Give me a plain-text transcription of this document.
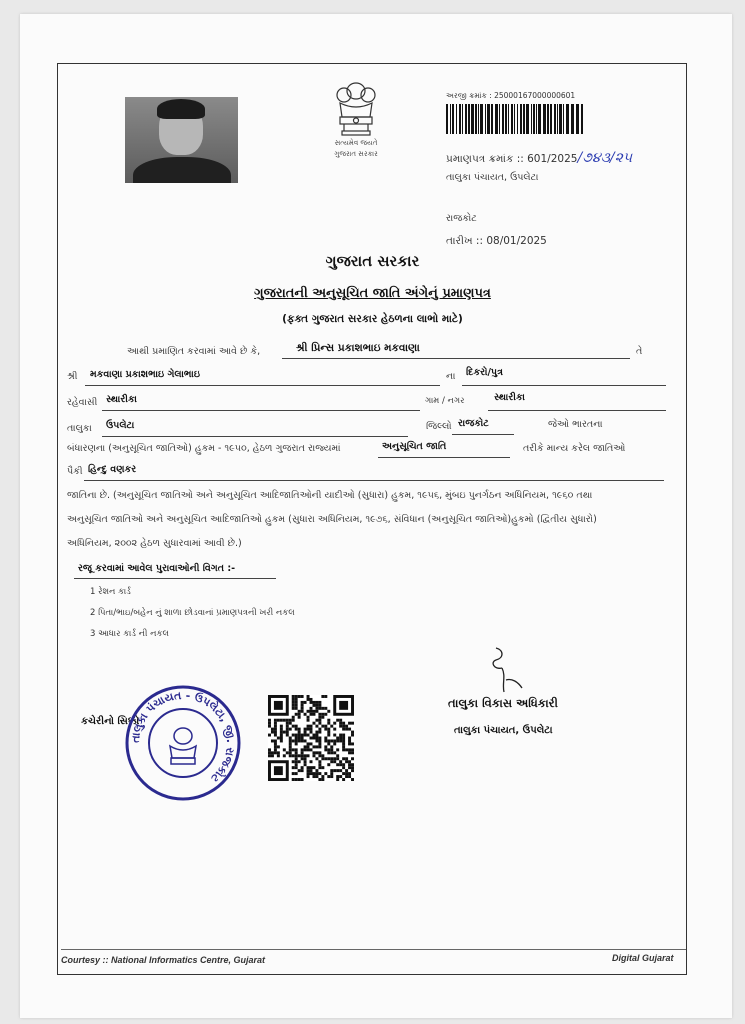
સત્યમેવ જયતે
ગુજરાત સરકાર
અરજી ક્રમાંક : 25000167000000601
પ્રમાણપત્ર ક્રમાંક :: 601/2025/૭૪૩/૨૫
તાલુકા પંચાયત, ઉપલેટા
રાજકોટ
તારીખ :: 08/01/2025
ગુજરાત સરકાર
ગુજરાતની અનુસૂચિત જાતિ અંગેનું પ્રમાણપત્ર
(ફક્ત ગુજરાત સરકાર હેઠળના લાભો માટે)
આથી પ્રમાણિત કરવામાં આવે છે કે,	શ્રી પ્રિન્સ પ્રકાશભાઇ મકવાણા	તે
શ્રી મકવાણા પ્રકાશભાઇ ગેલાભાઇ	ના દિકરો/પુત્ર
રહેવાસી સ્થારીકા	ગામ / નગર	સ્થારીકા
તાલુકા ઉપલેટા	જિલ્લો રાજકોટ	જેઓ ભારતના
બંધારણના (અનુસૂચિત જાતિઓ) હુકમ - ૧૯૫૦, હેઠળ ગુજરાત રાજ્યમાં	અનુસૂચિત જાતિ	તરીકે માન્ય કરેલ જાતિઓ
પૈકી હિન્દુ વણકર
જાતિના છે. (અનુસૂચિત જાતિઓ અને અનુસૂચિત આદિજાતિઓની યાદીઓ (સુધારા) હુકમ, ૧૯૫૬, મુંબઇ પુનર્ગઠન અધિનિયમ, ૧૯૬૦ તથા
અનુસૂચિત જાતિઓ અને અનુસૂચિત આદિજાતિઓ હુકમ (સુધારા અધિનિયમ, ૧૯૭૬, સંવિધાન (અનુસૂચિત જાતિઓ)હુકમો (દ્વિતીય સુધારો)
અધિનિયમ, ૨૦૦૨ હેઠળ સુધારવામાં આવી છે.)
રજૂ કરવામાં આવેલ પુરાવાઓની વિગત :-
1 રેશન કાર્ડ
2 પિતા/ભાઇ/બહેન નું શાળા છોડવાનાં પ્રમાણપત્રની ખરી નકલ
3 આધાર કાર્ડ ની નકલ
તાલુકા વિકાસ અધિકારી
તાલુકા પંચાયત, ઉપલેટા
કચેરીનો સિક્કો
તાલુકા પંચાયત - ઉપલેટા, જી. રાજકોટ
Courtesy :: National Informatics Centre, Gujarat	Digital Gujarat
